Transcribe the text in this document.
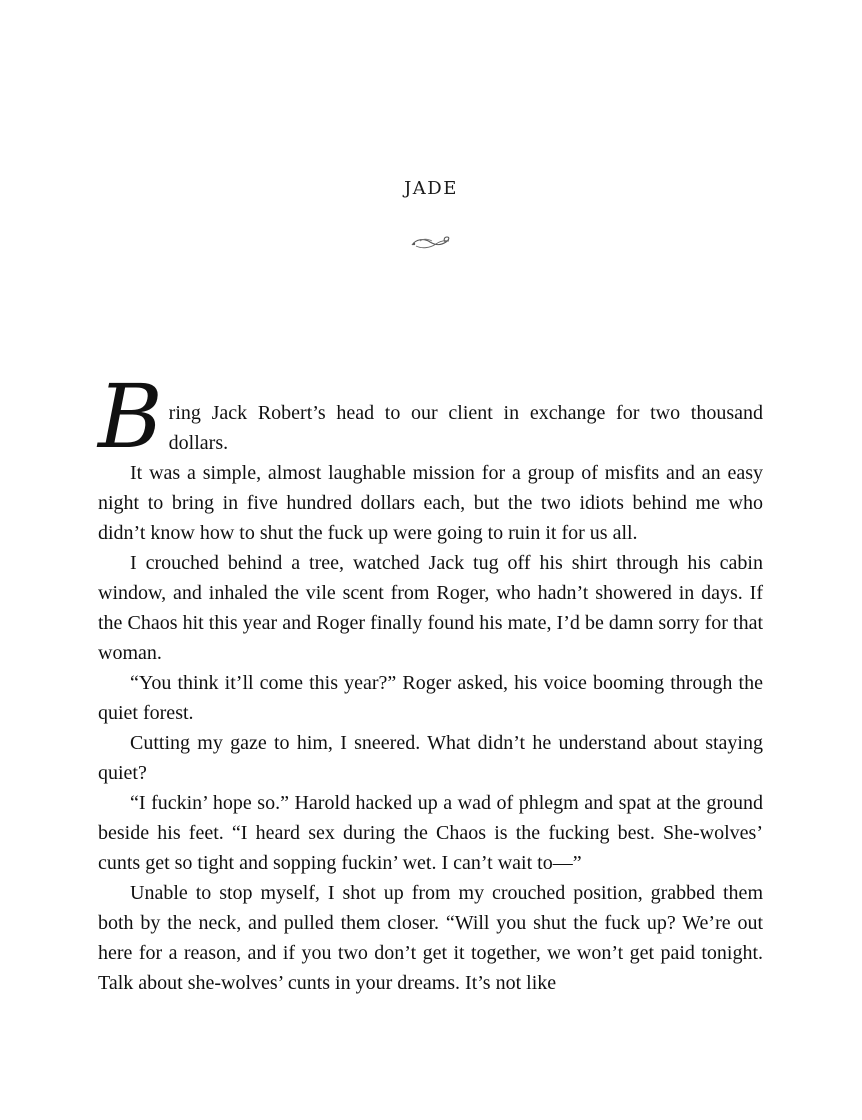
JADE

Bring Jack Robert’s head to our client in exchange for two thousand dollars.

It was a simple, almost laughable mission for a group of misfits and an easy night to bring in five hundred dollars each, but the two idiots behind me who didn’t know how to shut the fuck up were going to ruin it for us all.

I crouched behind a tree, watched Jack tug off his shirt through his cabin window, and inhaled the vile scent from Roger, who hadn’t showered in days. If the Chaos hit this year and Roger finally found his mate, I’d be damn sorry for that woman.

“You think it’ll come this year?” Roger asked, his voice booming through the quiet forest.

Cutting my gaze to him, I sneered. What didn’t he understand about staying quiet?

“I fuckin’ hope so.” Harold hacked up a wad of phlegm and spat at the ground beside his feet. “I heard sex during the Chaos is the fucking best. She-wolves’ cunts get so tight and sopping fuckin’ wet. I can’t wait to—”

Unable to stop myself, I shot up from my crouched position, grabbed them both by the neck, and pulled them closer. “Will you shut the fuck up? We’re out here for a reason, and if you two don’t get it together, we won’t get paid tonight. Talk about she-wolves’ cunts in your dreams. It’s not like
